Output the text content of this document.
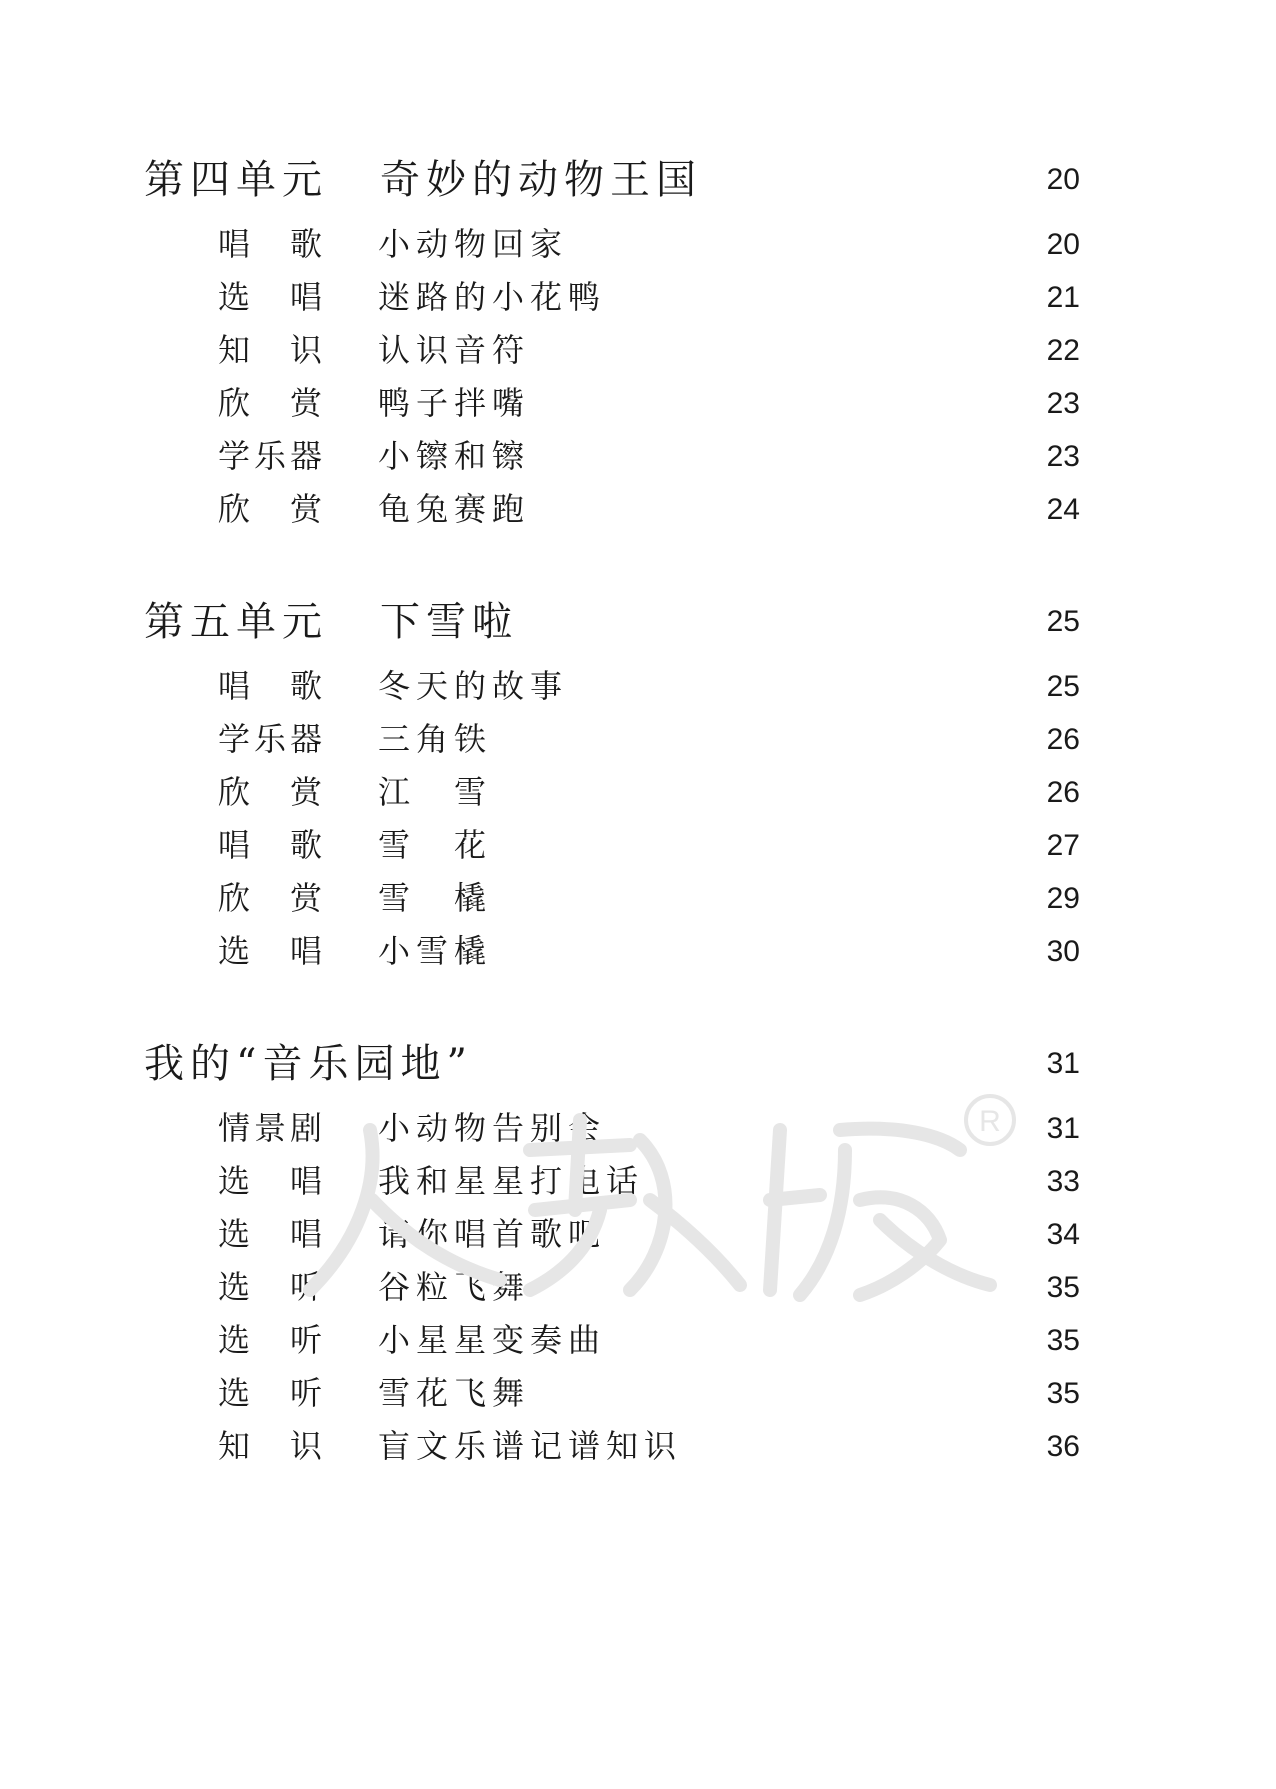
第四单元 奇妙的动物王国	20
唱　歌 小动物回家	20
选　唱 迷路的小花鸭	21
知　识 认识音符	22
欣　赏 鸭子拌嘴	23
学乐器 小镲和镲	23
欣　赏 龟兔赛跑	24
第五单元 下雪啦	25
唱　歌 冬天的故事	25
学乐器 三角铁	26
欣　赏 江　雪	26
唱　歌 雪　花	27
欣　赏 雪　橇	29
选　唱 小雪橇	30
我的“音乐园地”	31
情景剧 小动物告别会	31
选　唱 我和星星打电话	33
选　唱 请你唱首歌吧	34
选　听 谷粒飞舞	35
选　听 小星星变奏曲	35
选　听 雪花飞舞	35
知　识 盲文乐谱记谱知识	36
R
